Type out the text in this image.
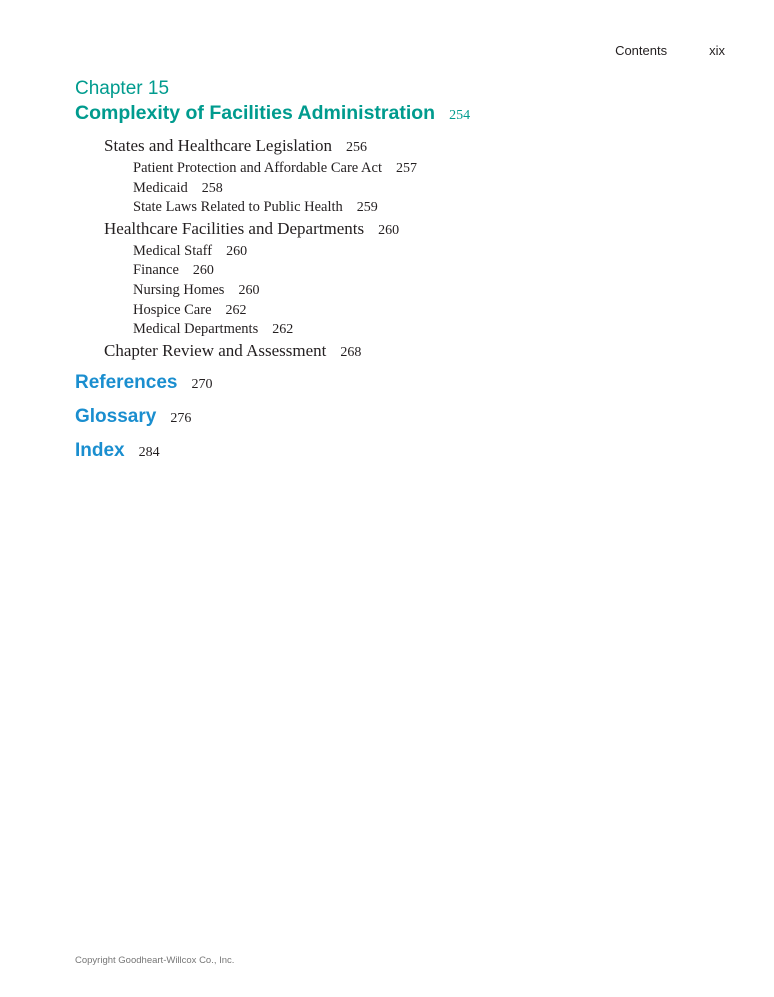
Contents	xix

Chapter 15

Complexity of Facilities Administration 254
States and Healthcare Legislation 256
Patient Protection and Affordable Care Act 257
Medicaid 258
State Laws Related to Public Health 259
Healthcare Facilities and Departments 260
Medical Staff 260
Finance 260
Nursing Homes 260
Hospice Care 262
Medical Departments 262
Chapter Review and Assessment 268
References 270
Glossary 276
Index 284
Copyright Goodheart-Willcox Co., Inc.
